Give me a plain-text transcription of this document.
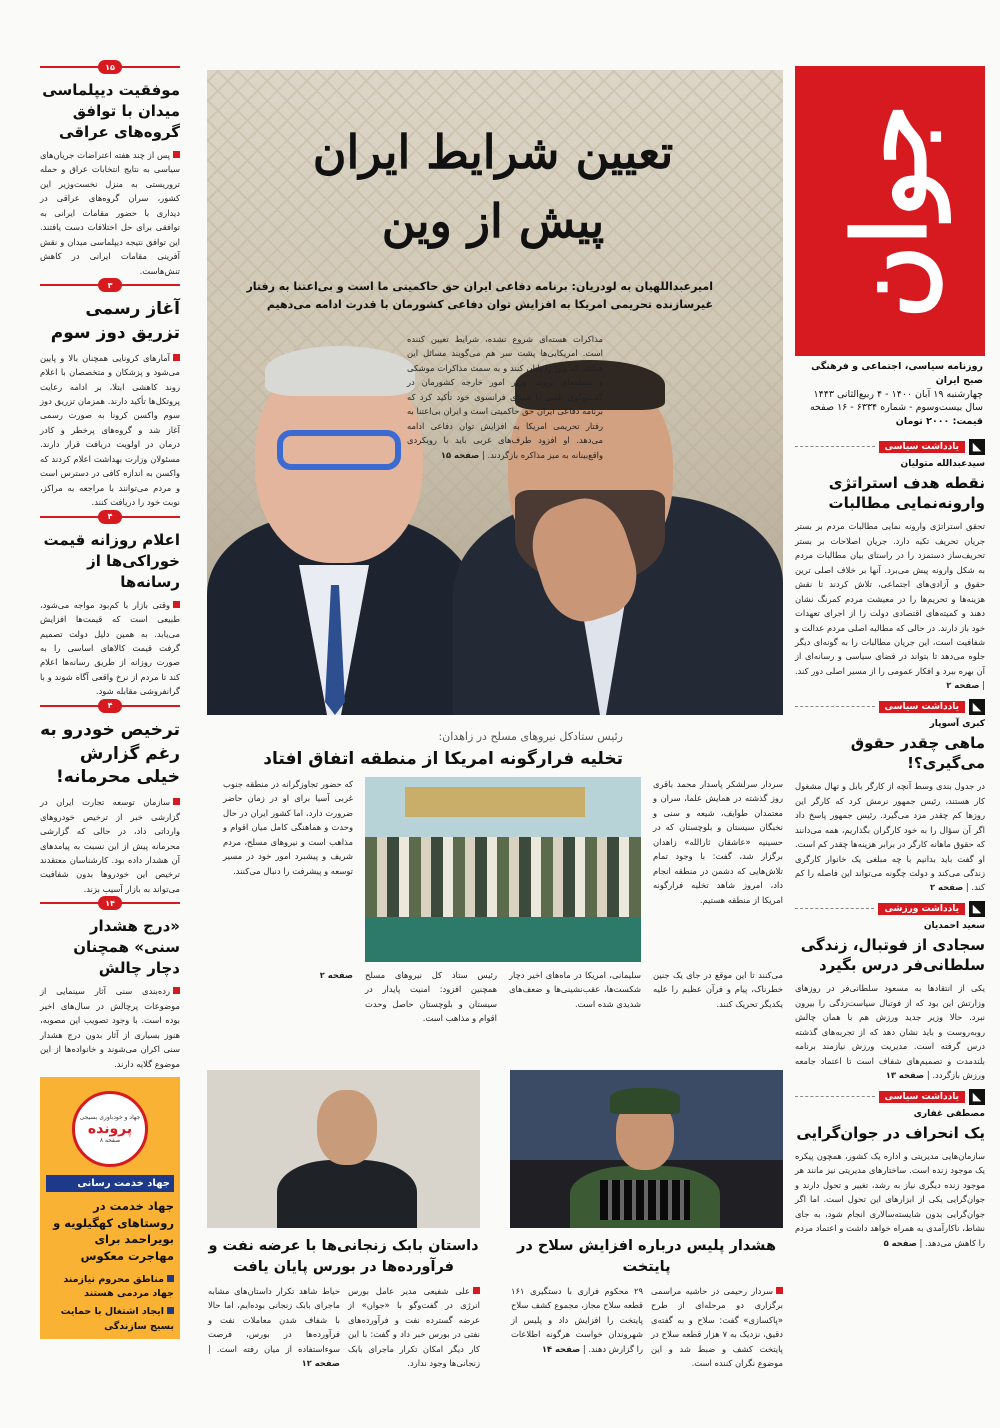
جوان
روزنامه سیاسی، اجتماعی و فرهنگی صبح ایران
چهارشنبه ۱۹ آبان ۱۴۰۰ - ۴ ربیع‌الثانی ۱۴۴۳
سال بیست‌وسوم - شماره ۶۳۳۴ - ۱۶ صفحه
قیمت: ۲۰۰۰ تومان
◣
یادداشت سیاسی
سیدعبدالله متولیان
نقطه هدف استراتژی وارونه‌نمایی مطالبات
تحقق استراتژی وارونه نمایی مطالبات مردم بر بستر جریان تحریف تکیه دارد. جریان اصلاحات بر بستر تحریف‌ساز دستمزد را در راستای بیان مطالبات مردم به شکل وارونه پیش می‌برد. آنها بر خلاف اصلی ترین حقوق و آزادی‌های اجتماعی، تلاش کردند تا نقش هزینه‌ها و تحریم‌ها را در معیشت مردم کمرنگ نشان دهند و کمیته‌های اقتصادی دولت را از اجرای تعهدات خود باز دارند. در حالی که مطالبه اصلی مردم عدالت و شفافیت است، این جریان مطالبات را به گونه‌ای دیگر جلوه می‌دهد تا بتواند در فضای سیاسی و رسانه‌ای از آن بهره ببرد و افکار عمومی را از مسیر اصلی دور کند. | صفحه ۲
◣
یادداشت سیاسی
کبری آسوپار
ماهی چقدر حقوق می‌گیری؟!
در جدول بندی وسط آنچه از کارگر بابل و تهال مشغول کار هستند، رئیس جمهور نرمش کرد که کارگر این روزها کم چقدر مزد می‌گیرد. رئیس جمهور پاسخ داد اگر آن سؤال را به خود کارگران بگذاریم، همه می‌دانند که حقوق ماهانه کارگر در برابر هزینه‌ها چقدر کم است. او گفت باید بدانیم با چه مبلغی یک خانوار کارگری زندگی می‌کند و دولت چگونه می‌تواند این فاصله را کم کند. | صفحه ۲
◣
یادداشت ورزشی
سعید احمدیان
سجادی از فوتبال، زندگی سلطانی‌فر درس بگیرد
یکی از انتقادها به مسعود سلطانی‌فر در روزهای وزارتش این بود که از فوتبال سیاست‌زدگی را بیرون نبرد. حالا وزیر جدید ورزش هم با همان چالش روبه‌روست و باید نشان دهد که از تجربه‌های گذشته درس گرفته است. مدیریت ورزش نیازمند برنامه بلندمدت و تصمیم‌های شفاف است تا اعتماد جامعه ورزش بازگردد. | صفحه ۱۳
◣
یادداشت سیاسی
مصطفی غفاری
یک انحراف در جوان‌گرایی
سازمان‌هایی مدیریتی و اداره یک کشور، همچون پیکره یک موجود زنده است. ساختارهای مدیریتی نیز مانند هر موجود زنده دیگری نیاز به رشد، تغییر و تحول دارند و جوان‌گرایی یکی از ابزارهای این تحول است. اما اگر جوان‌گرایی بدون شایسته‌سالاری انجام شود، به جای نشاط، ناکارآمدی به همراه خواهد داشت و اعتماد مردم را کاهش می‌دهد. | صفحه ۵
تعیین شرایط ایران
پیش از وین
امیرعبداللهیان به لودریان: برنامه دفاعی ایران حق حاکمیتی ما است و بی‌اعتنا به رفتار غیرسازنده تحریمی امریکا به افزایش توان دفاعی کشورمان با قدرت ادامه می‌دهیم
مذاکرات هسته‌ای شروع نشده، شرایط تعیین کننده است. امریکایی‌ها پشت سر هم می‌گویند مسائل این هستند که وین را پایان کنند و به سمت مذاکرات موشکی و منطقه‌ای بروند. وزیر امور خارجه کشورمان در گفت‌وگوی تلفنی با همتای فرانسوی خود تأکید کرد که برنامه دفاعی ایران حق حاکمیتی است و ایران بی‌اعتنا به رفتار تحریمی امریکا به افزایش توان دفاعی ادامه می‌دهد. او افزود طرف‌های غربی باید با رویکردی واقع‌بینانه به میز مذاکره بازگردند. | صفحه ۱۵
رئیس ستادکل نیروهای مسلح در زاهدان:
تخلیه فرارگونه امریکا از منطقه اتفاق افتاد
سردار سرلشکر پاسدار محمد باقری روز گذشته در همایش علما، سران و معتمدان طوایف، شیعه و سنی و نخبگان سیستان و بلوچستان که در حسینیه «عاشقان ثارالله» زاهدان برگزار شد، گفت: با وجود تمام تلاش‌هایی که دشمن در منطقه انجام داد، امروز شاهد تخلیه فرارگونه امریکا از منطقه هستیم.
که حضور تجاوزگرانه در منطقه جنوب غربی آسیا برای او در زمان حاضر ضرورت دارد، اما کشور ایران در حال وحدت و هماهنگی کامل میان اقوام و مذاهب است و نیروهای مسلح، مردم شریف و پیشبرد امور خود در مسیر توسعه و پیشرفت را دنبال می‌کنند.
می‌کنند تا این موقع در جای یک جنین خطرناک، پیام و فرآن عظیم را علیه یکدیگر تحریک کنند.
سلیمانی، امریکا در ماه‌های اخیر دچار شکست‌ها، عقب‌نشینی‌ها و ضعف‌های شدیدی شده است.
رئیس ستاد کل نیروهای مسلح همچنین افزود: امنیت پایدار در سیستان و بلوچستان حاصل وحدت اقوام و مذاهب است.
صفحه ۲
داستان بابک زنجانی‌ها با عرضه نفت و فرآورده‌ها در بورس پایان یافت
علی شفیعی مدیر عامل بورس انرژی در گفت‌وگو با «جوان» از عرضه گسترده نفت و فرآورده‌های نفتی در بورس خبر داد و گفت: با این کار دیگر امکان تکرار ماجرای بابک زنجانی‌ها وجود ندارد.
حیاط شاهد تکرار داستان‌های مشابه ماجرای بابک زنجانی بوده‌ایم، اما حالا با شفاف شدن معاملات نفت و فرآورده‌ها در بورس، فرصت سوءاستفاده از میان رفته است. | صفحه ۱۲
هشدار پلیس درباره افزایش سلاح در پایتخت
سردار رحیمی در حاشیه مراسمی برگزاری دو مرحله‌ای از طرح «پاکسازی» گفت: سلاح و به گفته‌ی دقیق، نزدیک به ۷ هزار قطعه سلاح در پایتخت کشف و ضبط شد و این موضوع نگران کننده است.
۲۹ محکوم فراری با دستگیری ۱۶۱ قطعه سلاح مجاز، مجموع کشف سلاح پایتخت را افزایش داد و پلیس از شهروندان خواست هرگونه اطلاعات را گزارش دهند. | صفحه ۱۴
۱۵
موفقیت دیپلماسی میدان با توافق گروه‌های عراقی
پس از چند هفته اعتراضات جریان‌های سیاسی به نتایج انتخابات عراق و حمله تروریستی به منزل نخست‌وزیر این کشور، سران گروه‌های عراقی در دیداری با حضور مقامات ایرانی به توافقی برای حل اختلافات دست یافتند. این توافق نتیجه دیپلماسی میدان و نقش آفرینی مقامات ایرانی در کاهش تنش‌هاست.
۳
آغاز رسمی تزریق دوز سوم
آمارهای کرونایی همچنان بالا و پایین می‌شود و پزشکان و متخصصان با اعلام روند کاهشی ابتلا، بر ادامه رعایت پروتکل‌ها تأکید دارند. همزمان تزریق دوز سوم واکسن کرونا به صورت رسمی آغاز شد و گروه‌های پرخطر و کادر درمان در اولویت دریافت قرار دارند. مسئولان وزارت بهداشت اعلام کردند که واکسن به اندازه کافی در دسترس است و مردم می‌توانند با مراجعه به مراکز، نوبت خود را دریافت کنند.
۴
اعلام روزانه قیمت خوراکی‌ها از رسانه‌ها
وقتی بازار با کم‌بود مواجه می‌شود، طبیعی است که قیمت‌ها افزایش می‌یابد. به همین دلیل دولت تصمیم گرفت قیمت کالاهای اساسی را به صورت روزانه از طریق رسانه‌ها اعلام کند تا مردم از نرخ واقعی آگاه شوند و با گرانفروشی مقابله شود.
۴
ترخیص خودرو به رغم گزارش خیلی محرمانه!
سازمان توسعه تجارت ایران در گزارشی خبر از ترخیص خودروهای وارداتی داد، در حالی که گزارشی محرمانه پیش از این نسبت به پیامدهای آن هشدار داده بود. کارشناسان معتقدند ترخیص این خودروها بدون شفافیت می‌تواند به بازار آسیب بزند.
۱۴
«درج هشدار سنی» همچنان دچار چالش
رده‌بندی سنی آثار سینمایی از موضوعات پرچالش در سال‌های اخیر بوده است. با وجود تصویب این مصوبه، هنوز بسیاری از آثار بدون درج هشدار سنی اکران می‌شوند و خانواده‌ها از این موضوع گلایه دارند.
جهاد و خودباوری بسیجی
پرونده
صفحه ۸
جهاد خدمت رسانی
جهاد خدمت در روستاهای کهگیلویه و بویراحمد برای مهاجرت معکوس
مناطق محروم نیازمند جهاد مردمی هستند
ایجاد اشتغال با حمایت بسیج سازندگی
